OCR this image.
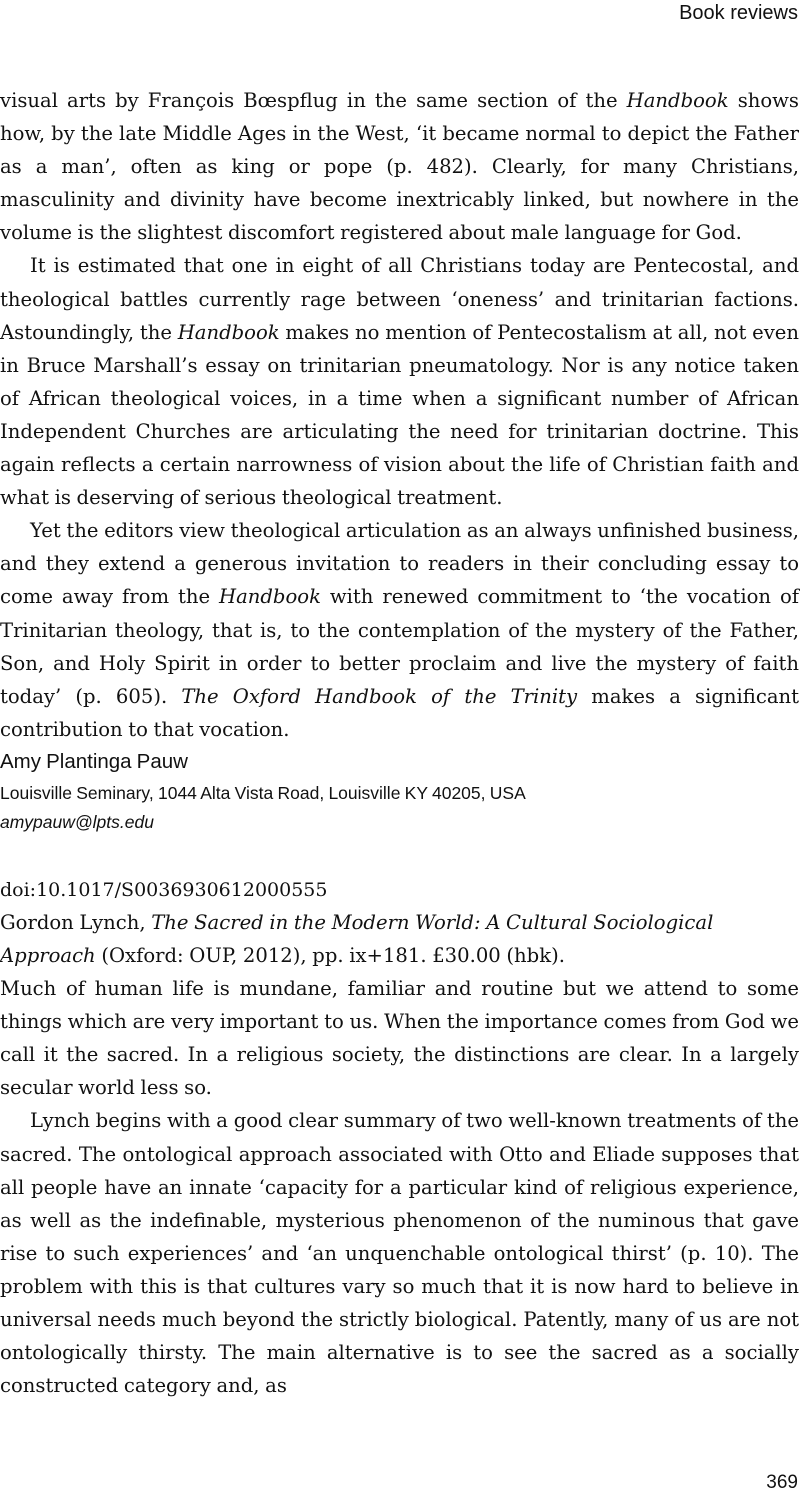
Book reviews

visual arts by François Bœspflug in the same section of the Handbook shows how, by the late Middle Ages in the West, ‘it became normal to depict the Father as a man’, often as king or pope (p. 482). Clearly, for many Christians, masculinity and divinity have become inextricably linked, but nowhere in the volume is the slightest discomfort registered about male language for God.

It is estimated that one in eight of all Christians today are Pentecostal, and theological battles currently rage between ‘oneness’ and trinitarian factions. Astoundingly, the Handbook makes no mention of Pentecostalism at all, not even in Bruce Marshall’s essay on trinitarian pneumatology. Nor is any notice taken of African theological voices, in a time when a significant number of African Independent Churches are articulating the need for trinitarian doctrine. This again reflects a certain narrowness of vision about the life of Christian faith and what is deserving of serious theological treatment.

Yet the editors view theological articulation as an always unfinished business, and they extend a generous invitation to readers in their concluding essay to come away from the Handbook with renewed commitment to ‘the vocation of Trinitarian theology, that is, to the contemplation of the mystery of the Father, Son, and Holy Spirit in order to better proclaim and live the mystery of faith today’ (p. 605). The Oxford Handbook of the Trinity makes a significant contribution to that vocation.

Amy Plantinga Pauw
Louisville Seminary, 1044 Alta Vista Road, Louisville KY 40205, USA
amypauw@lpts.edu
doi:10.1017/S0036930612000555

Gordon Lynch, The Sacred in the Modern World: A Cultural Sociological Approach (Oxford: OUP, 2012), pp. ix+181. £30.00 (hbk).

Much of human life is mundane, familiar and routine but we attend to some things which are very important to us. When the importance comes from God we call it the sacred. In a religious society, the distinctions are clear. In a largely secular world less so.

Lynch begins with a good clear summary of two well-known treatments of the sacred. The ontological approach associated with Otto and Eliade supposes that all people have an innate ‘capacity for a particular kind of religious experience, as well as the indefinable, mysterious phenomenon of the numinous that gave rise to such experiences’ and ‘an unquenchable ontological thirst’ (p. 10). The problem with this is that cultures vary so much that it is now hard to believe in universal needs much beyond the strictly biological. Patently, many of us are not ontologically thirsty. The main alternative is to see the sacred as a socially constructed category and, as

369
